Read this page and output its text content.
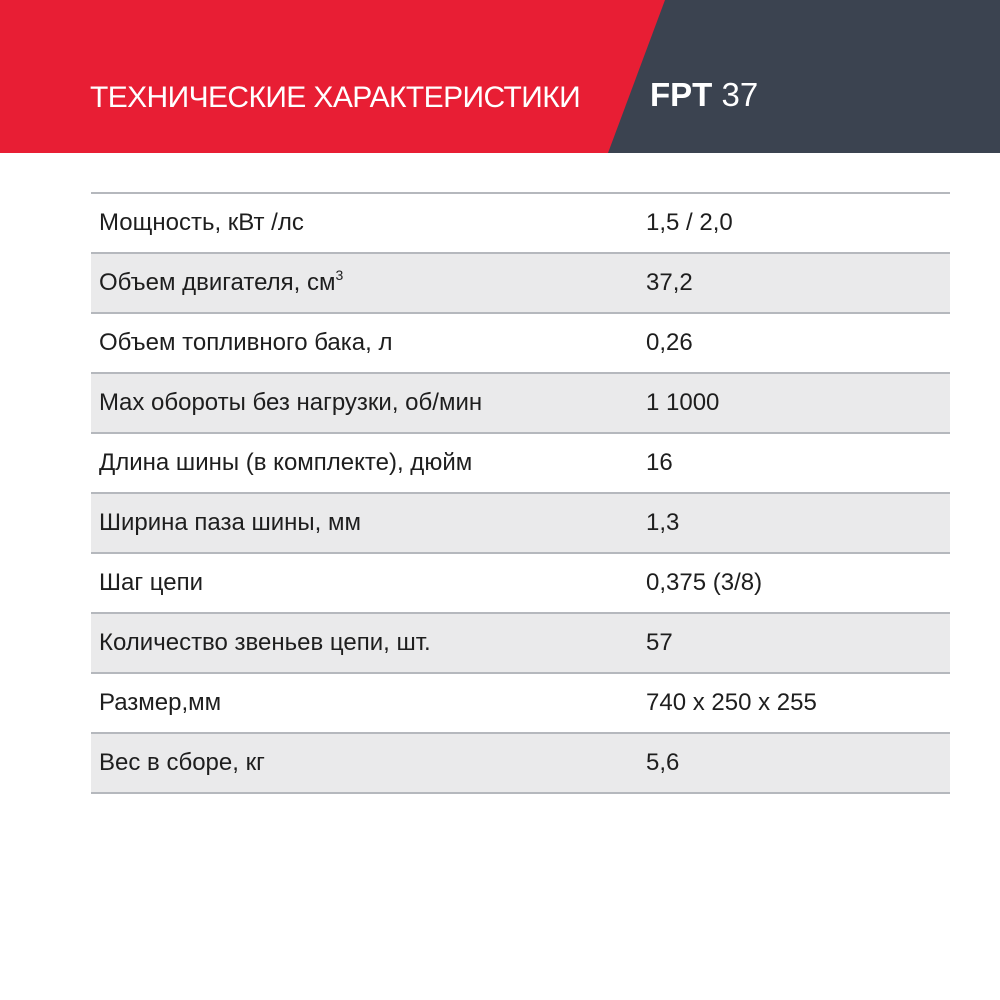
ТЕХНИЧЕСКИЕ ХАРАКТЕРИСТИКИ FPT 37
Мощность, кВт /лс	1,5 / 2,0
Объем двигателя, $см^3$	37,2
Объем топливного бака, л	0,26
Max обороты без нагрузки, об/мин	1 1000
Длина шины (в комплекте), дюйм	16
Ширина паза шины, мм	1,3
Шаг цепи	0,375 (3/8)
Количество звеньев цепи, шт.	57
Размер,мм	740 x 250 x 255
Вес в сборе, кг	5,6
